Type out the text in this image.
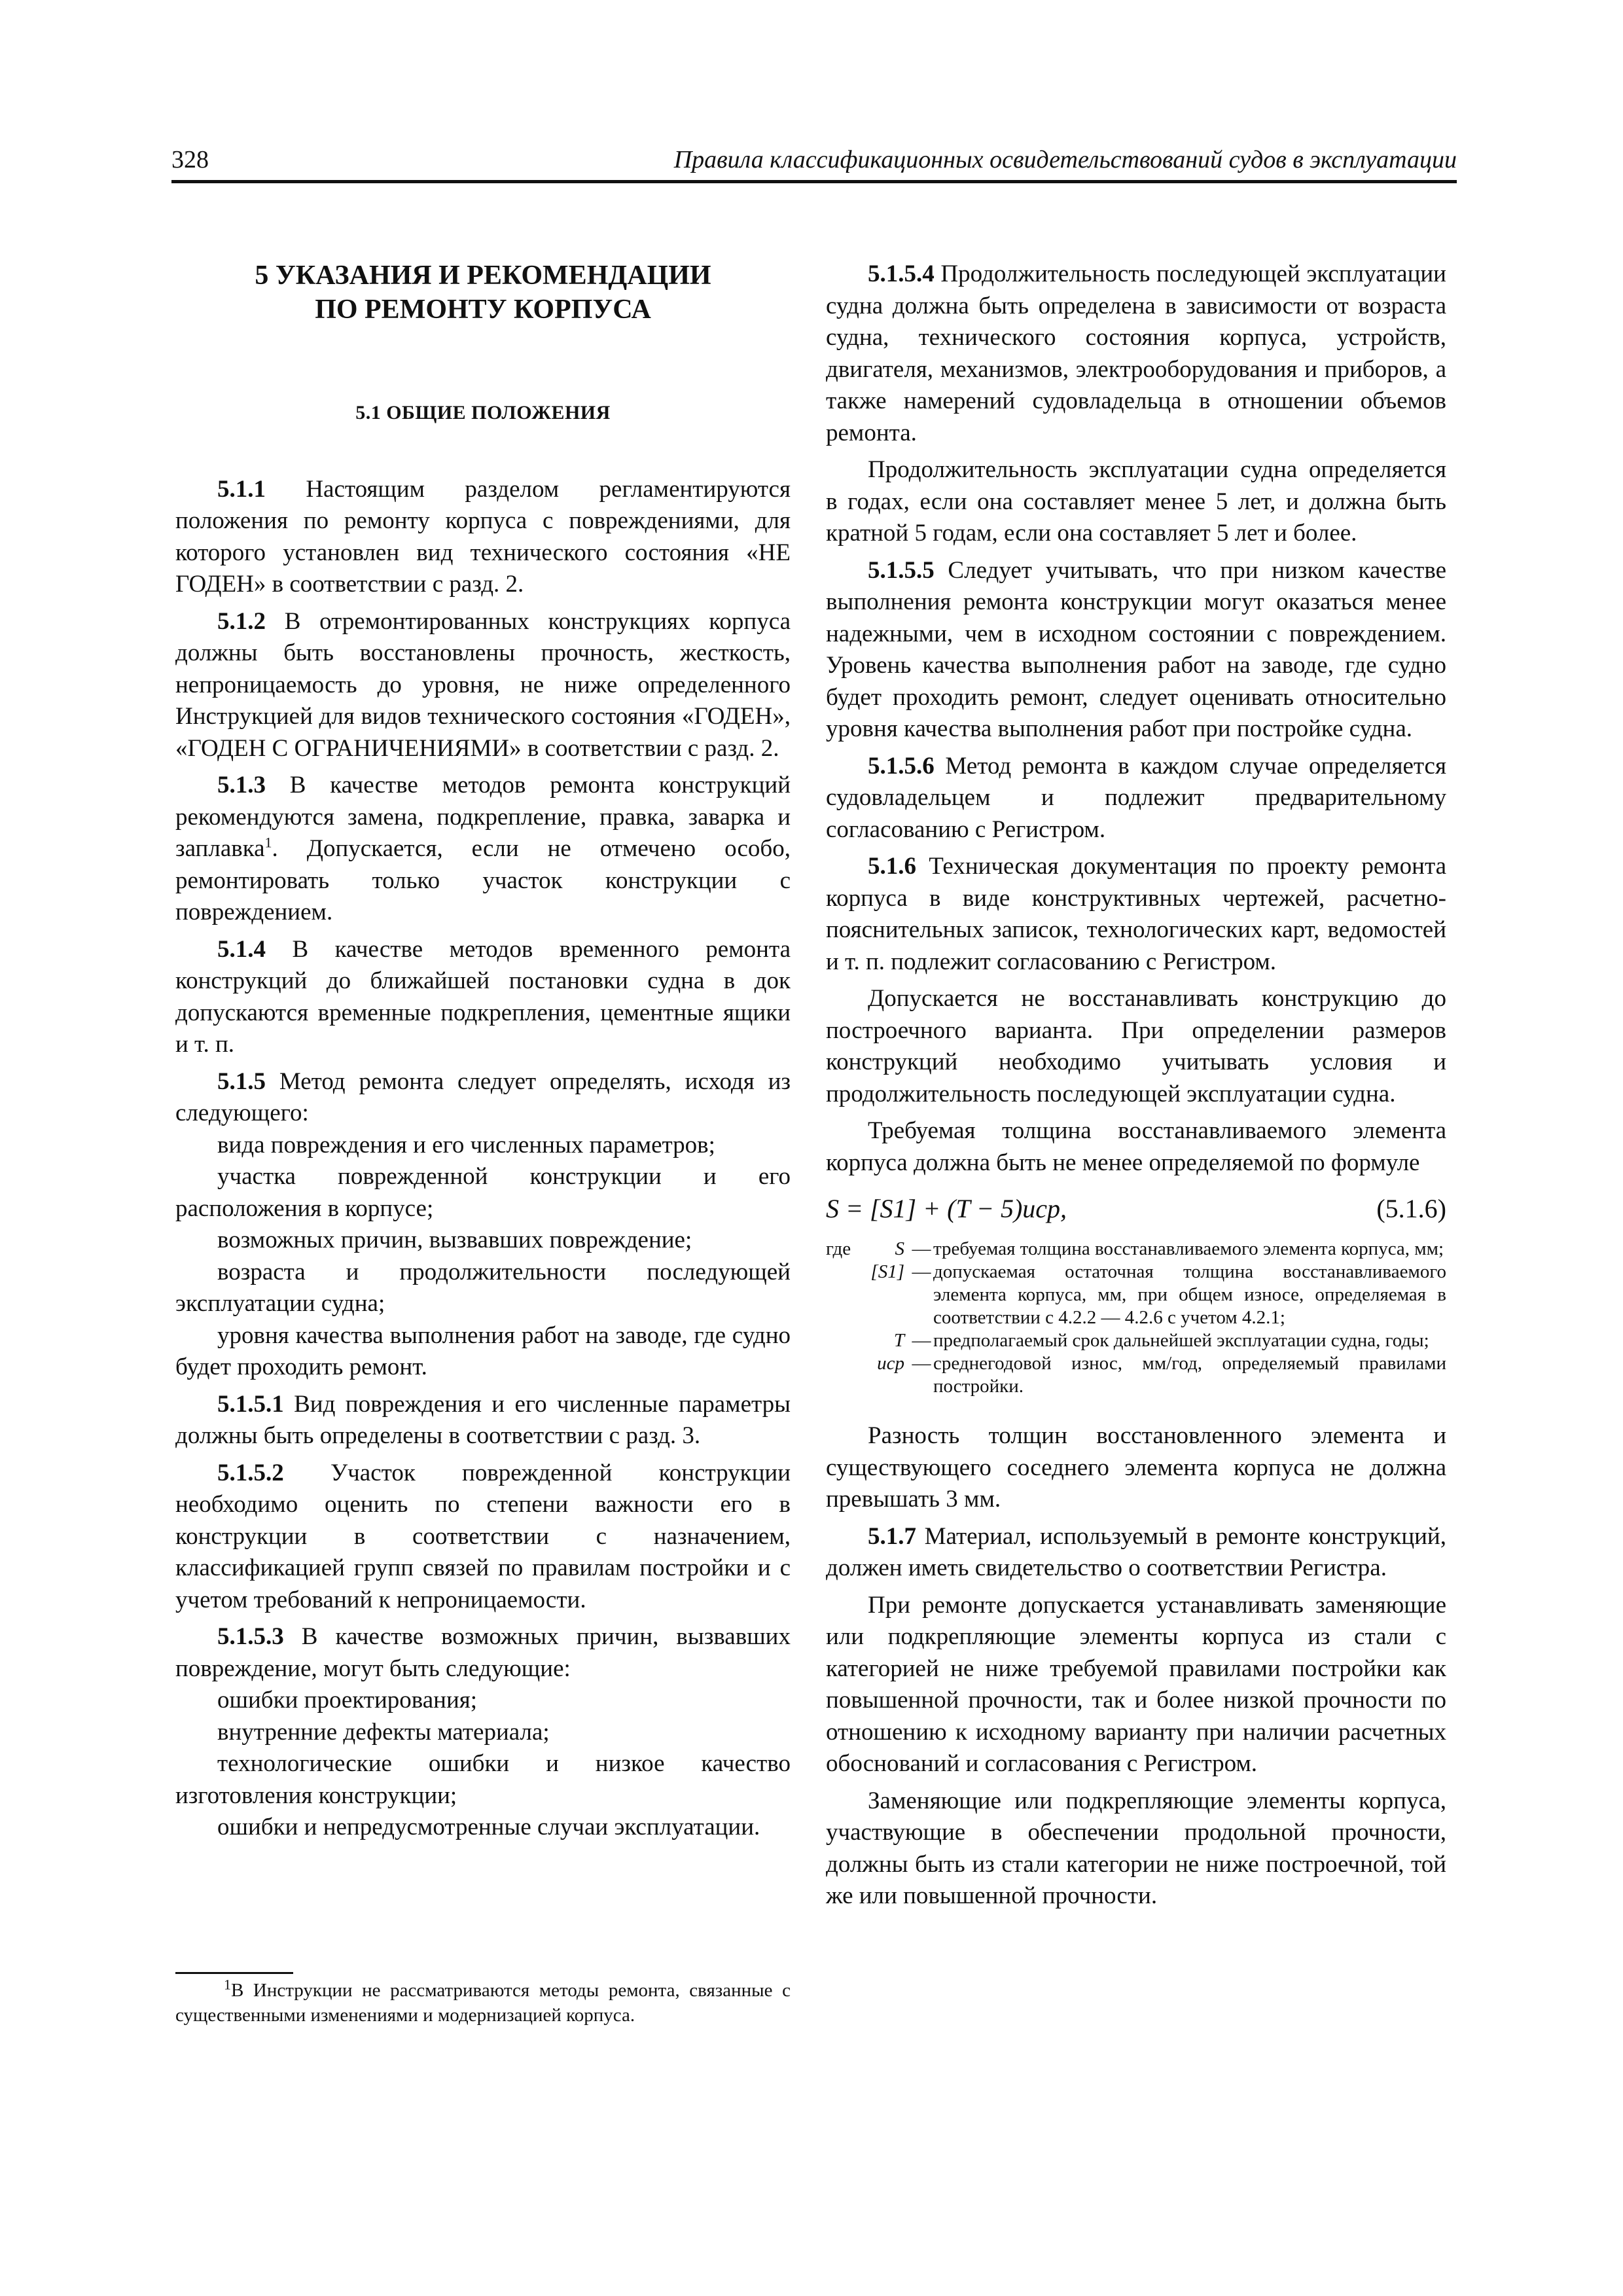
328	Правила классификационных освидетельствований судов в эксплуатации
5 УКАЗАНИЯ И РЕКОМЕНДАЦИИ
ПО РЕМОНТУ КОРПУСА
5.1 ОБЩИЕ ПОЛОЖЕНИЯ

5.1.1 Настоящим разделом регламентируются положения по ремонту корпуса с повреждениями, для которого установлен вид технического состояния «НЕ ГОДЕН» в соответствии с разд. 2.

5.1.2 В отремонтированных конструкциях корпуса должны быть восстановлены прочность, жесткость, непроницаемость до уровня, не ниже определенного Инструкцией для видов технического состояния «ГОДЕН», «ГОДЕН С ОГРАНИЧЕНИЯМИ» в соответствии с разд. 2.

5.1.3 В качестве методов ремонта конструкций рекомендуются замена, подкрепление, правка, заварка и заплавка$^1$. Допускается, если не отмечено особо, ремонтировать только участок конструкции с повреждением.

5.1.4 В качестве методов временного ремонта конструкций до ближайшей постановки судна в док допускаются временные подкрепления, цементные ящики и т. п.

5.1.5 Метод ремонта следует определять, исходя из следующего:

вида повреждения и его численных параметров;

участка поврежденной конструкции и его расположения в корпусе;

возможных причин, вызвавших повреждение;

возраста и продолжительности последующей эксплуатации судна;

уровня качества выполнения работ на заводе, где судно будет проходить ремонт.

5.1.5.1 Вид повреждения и его численные параметры должны быть определены в соответствии с разд. 3.

5.1.5.2 Участок поврежденной конструкции необходимо оценить по степени важности его в конструкции в соответствии с назначением, классификацией групп связей по правилам постройки и с учетом требований к непроницаемости.

5.1.5.3 В качестве возможных причин, вызвавших повреждение, могут быть следующие:

ошибки проектирования;

внутренние дефекты материала;

технологические ошибки и низкое качество изготовления конструкции;

ошибки и непредусмотренные случаи эксплуатации.

$^1$В Инструкции не рассматриваются методы ремонта, связанные с существенными изменениями и модернизацией корпуса.

5.1.5.4 Продолжительность последующей эксплуатации судна должна быть определена в зависимости от возраста судна, технического состояния корпуса, устройств, двигателя, механизмов, электрооборудования и приборов, а также намерений судовладельца в отношении объемов ремонта.

Продолжительность эксплуатации судна определяется в годах, если она составляет менее 5 лет, и должна быть кратной 5 годам, если она составляет 5 лет и более.

5.1.5.5 Следует учитывать, что при низком качестве выполнения ремонта конструкции могут оказаться менее надежными, чем в исходном состоянии с повреждением. Уровень качества выполнения работ на заводе, где судно будет проходить ремонт, следует оценивать относительно уровня качества выполнения работ при постройке судна.

5.1.5.6 Метод ремонта в каждом случае определяется судовладельцем и подлежит предварительному согласованию с Регистром.

5.1.6 Техническая документация по проекту ремонта корпуса в виде конструктивных чертежей, расчетно-пояснительных записок, технологических карт, ведомостей и т. п. подлежит согласованию с Регистром.

Допускается не восстанавливать конструкцию до построечного варианта. При определении размеров конструкций необходимо учитывать условия и продолжительность последующей эксплуатации судна.

Требуемая толщина восстанавливаемого элемента корпуса должна быть не менее определяемой по формуле

S = [S1] + (T − 5)uср,	(5.1.6)
где	S — требуемая толщина восстанавливаемого элемента корпуса, мм;
[S1] — допускаемая остаточная толщина восстанавливаемого элемента корпуса, мм, при общем износе, определяемая в соответствии с 4.2.2 — 4.2.6 с учетом 4.2.1;
T — предполагаемый срок дальнейшей эксплуатации судна, годы;
uср — среднегодовой износ, мм/год, определяемый правилами постройки.

Разность толщин восстановленного элемента и существующего соседнего элемента корпуса не должна превышать 3 мм.

5.1.7 Материал, используемый в ремонте конструкций, должен иметь свидетельство о соответствии Регистра.

При ремонте допускается устанавливать заменяющие или подкрепляющие элементы корпуса из стали с категорией не ниже требуемой правилами постройки как повышенной прочности, так и более низкой прочности по отношению к исходному варианту при наличии расчетных обоснований и согласования с Регистром.

Заменяющие или подкрепляющие элементы корпуса, участвующие в обеспечении продольной прочности, должны быть из стали категории не ниже построечной, той же или повышенной прочности.
